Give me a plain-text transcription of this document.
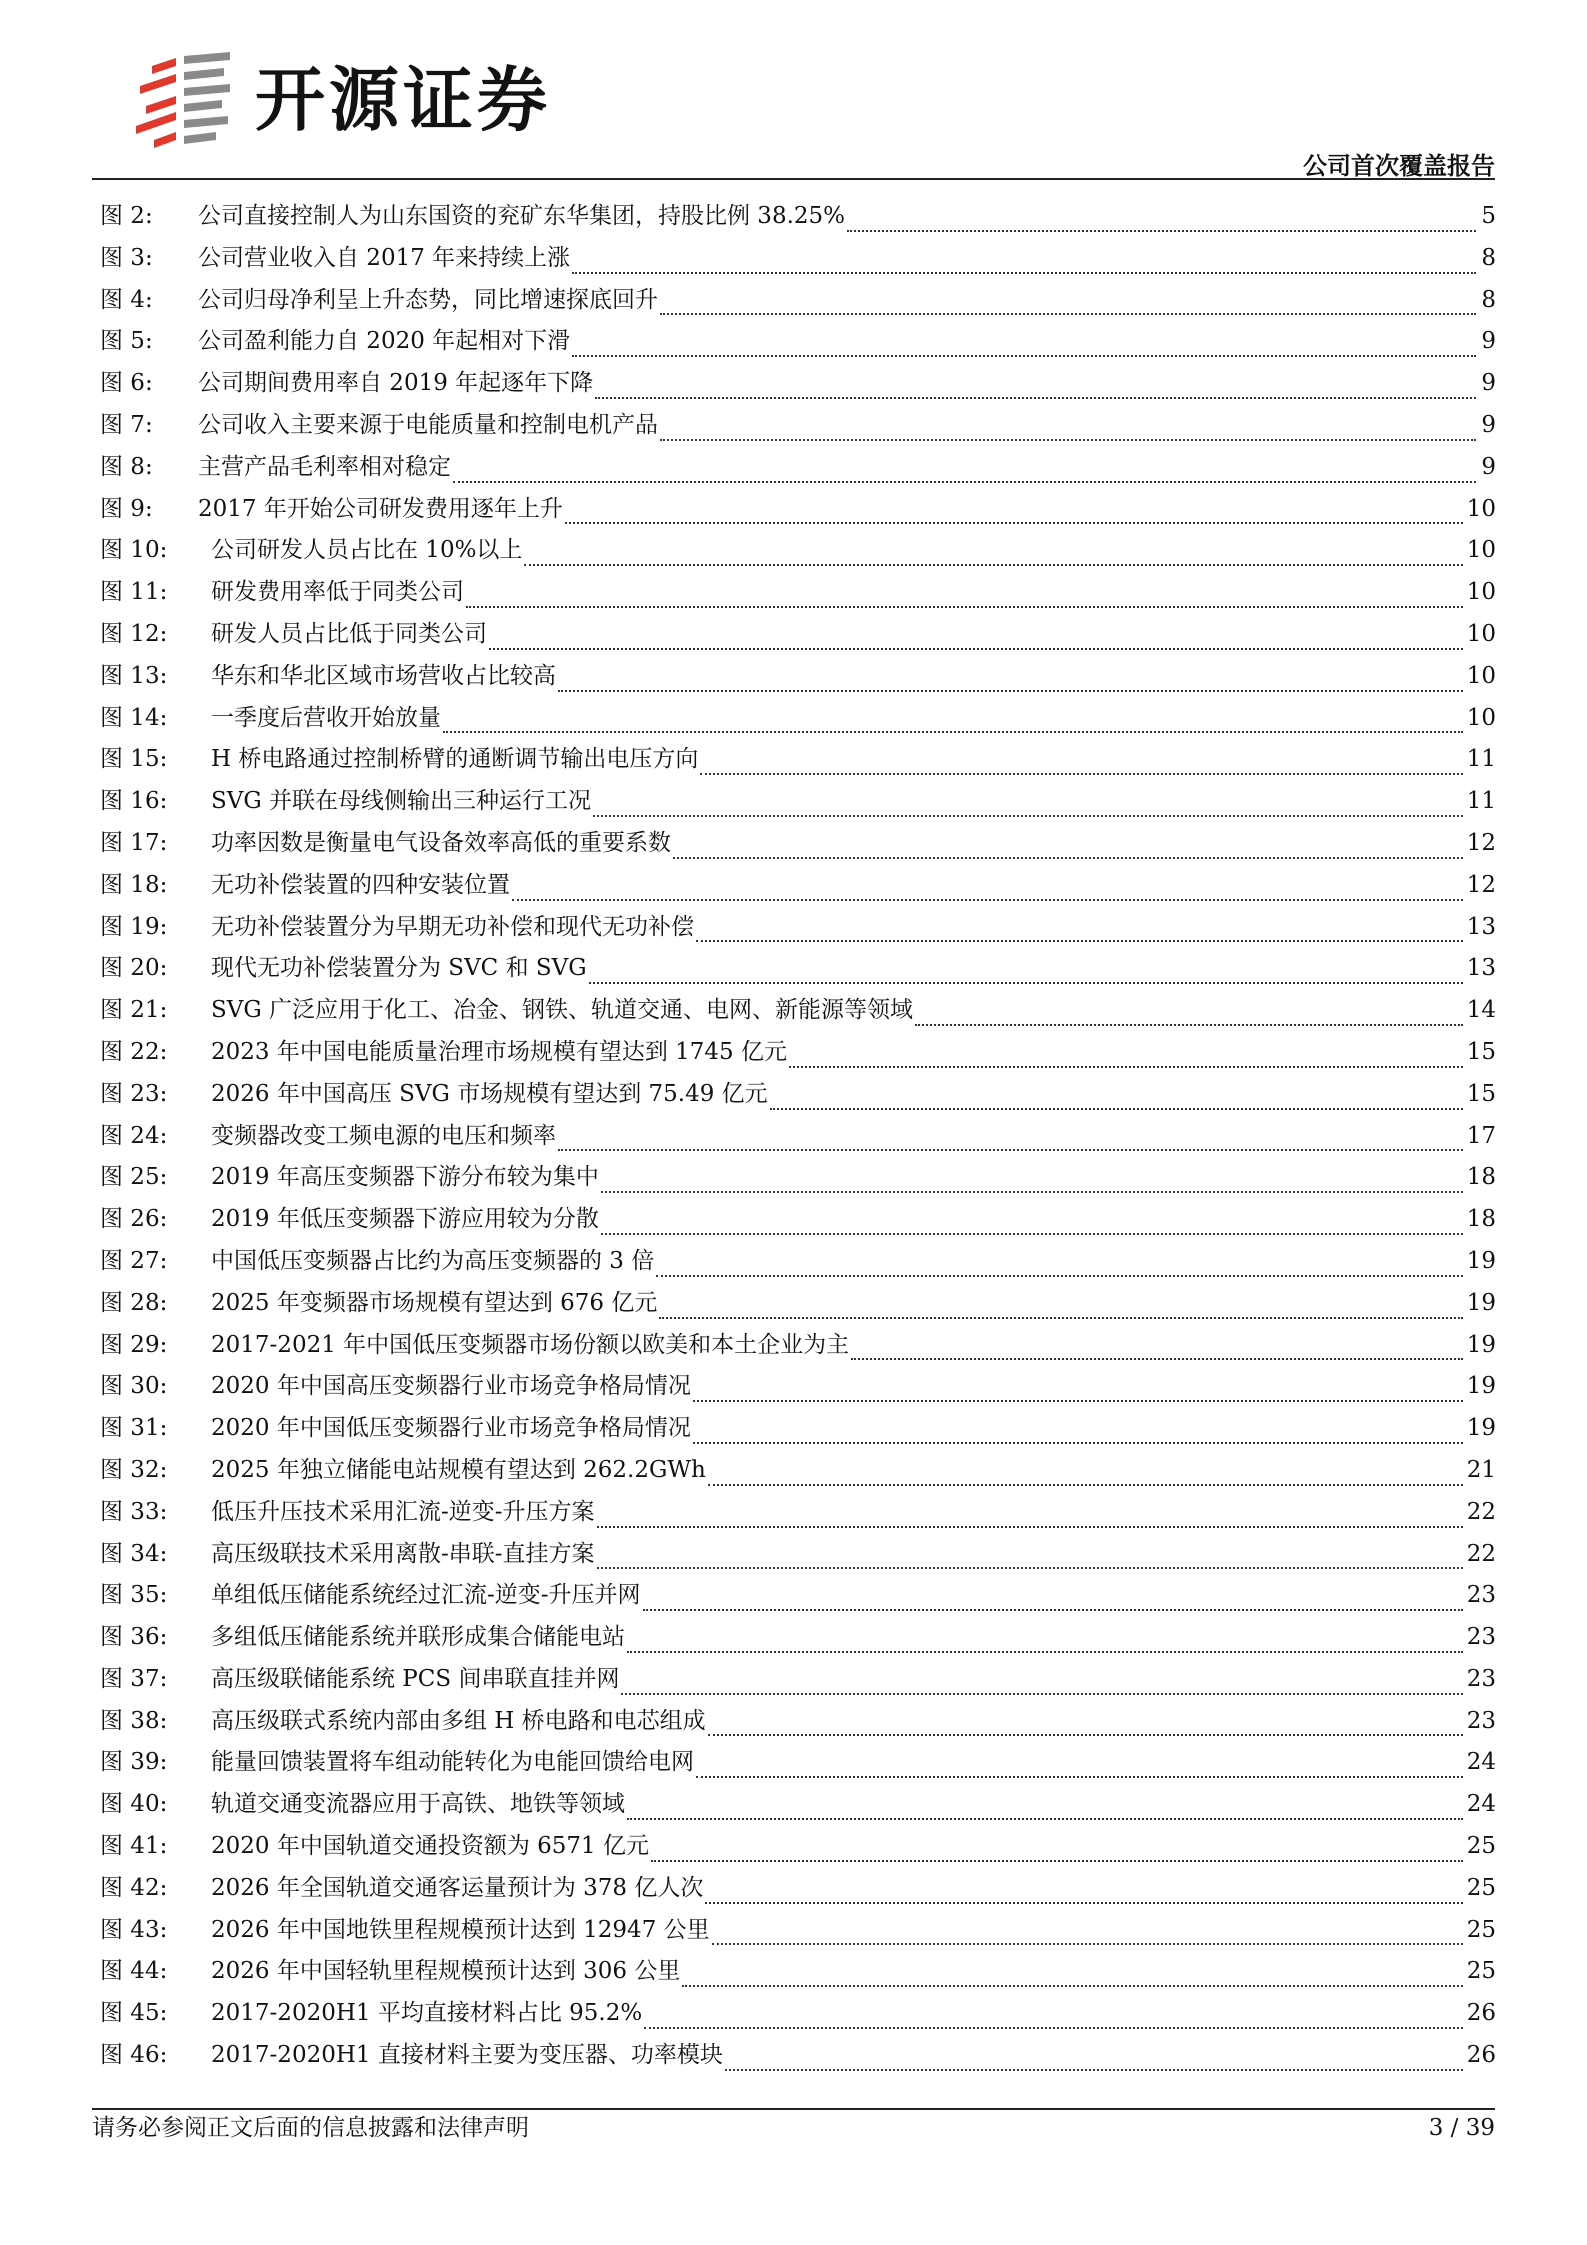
开源证券
公司首次覆盖报告
图 2:	公司直接控制人为山东国资的兖矿东华集团，持股比例 38.25%	5
图 3:	公司营业收入自 2017 年来持续上涨	8
图 4:	公司归母净利呈上升态势，同比增速探底回升	8
图 5:	公司盈利能力自 2020 年起相对下滑	9
图 6:	公司期间费用率自 2019 年起逐年下降	9
图 7:	公司收入主要来源于电能质量和控制电机产品	9
图 8:	主营产品毛利率相对稳定	9
图 9:	2017 年开始公司研发费用逐年上升	10
图 10:	公司研发人员占比在 10%以上	10
图 11:	研发费用率低于同类公司	10
图 12:	研发人员占比低于同类公司	10
图 13:	华东和华北区域市场营收占比较高	10
图 14:	一季度后营收开始放量	10
图 15:	H 桥电路通过控制桥臂的通断调节输出电压方向	11
图 16:	SVG 并联在母线侧输出三种运行工况	11
图 17:	功率因数是衡量电气设备效率高低的重要系数	12
图 18:	无功补偿装置的四种安装位置	12
图 19:	无功补偿装置分为早期无功补偿和现代无功补偿	13
图 20:	现代无功补偿装置分为 SVC 和 SVG	13
图 21:	SVG 广泛应用于化工、冶金、钢铁、轨道交通、电网、新能源等领域	14
图 22:	2023 年中国电能质量治理市场规模有望达到 1745 亿元	15
图 23:	2026 年中国高压 SVG 市场规模有望达到 75.49 亿元	15
图 24:	变频器改变工频电源的电压和频率	17
图 25:	2019 年高压变频器下游分布较为集中	18
图 26:	2019 年低压变频器下游应用较为分散	18
图 27:	中国低压变频器占比约为高压变频器的 3 倍	19
图 28:	2025 年变频器市场规模有望达到 676 亿元	19
图 29:	2017-2021 年中国低压变频器市场份额以欧美和本土企业为主	19
图 30:	2020 年中国高压变频器行业市场竞争格局情况	19
图 31:	2020 年中国低压变频器行业市场竞争格局情况	19
图 32:	2025 年独立储能电站规模有望达到 262.2GWh	21
图 33:	低压升压技术采用汇流-逆变-升压方案	22
图 34:	高压级联技术采用离散-串联-直挂方案	22
图 35:	单组低压储能系统经过汇流-逆变-升压并网	23
图 36:	多组低压储能系统并联形成集合储能电站	23
图 37:	高压级联储能系统 PCS 间串联直挂并网	23
图 38:	高压级联式系统内部由多组 H 桥电路和电芯组成	23
图 39:	能量回馈装置将车组动能转化为电能回馈给电网	24
图 40:	轨道交通变流器应用于高铁、地铁等领域	24
图 41:	2020 年中国轨道交通投资额为 6571 亿元	25
图 42:	2026 年全国轨道交通客运量预计为 378 亿人次	25
图 43:	2026 年中国地铁里程规模预计达到 12947 公里	25
图 44:	2026 年中国轻轨里程规模预计达到 306 公里	25
图 45:	2017-2020H1 平均直接材料占比 95.2%	26
图 46:	2017-2020H1 直接材料主要为变压器、功率模块	26
请务必参阅正文后面的信息披露和法律声明	3 / 39
